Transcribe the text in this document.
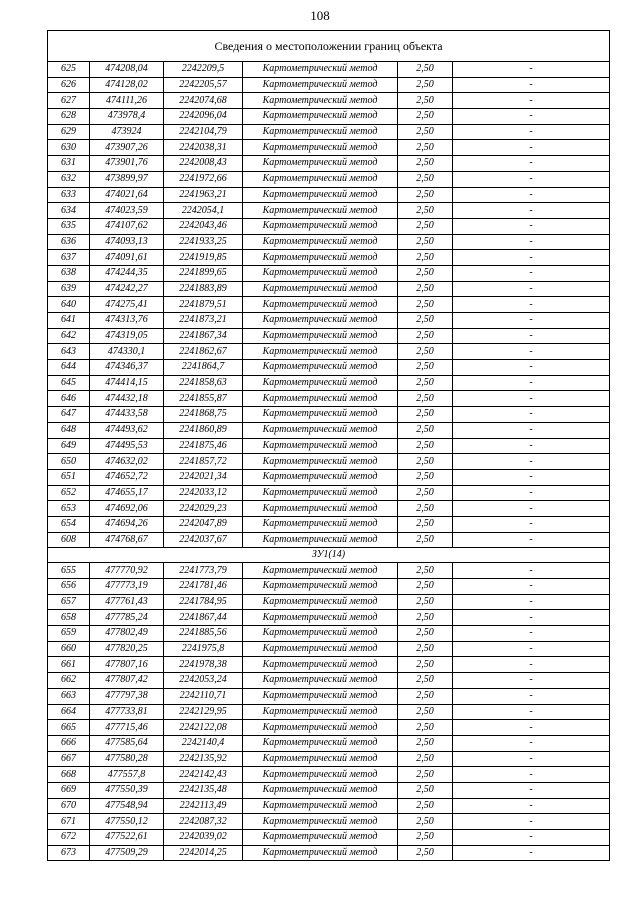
108
Сведения о местоположении границ объекта					
625	474208,04	2242209,5	Картометрический метод	2,50	-
626	474128,02	2242205,57	Картометрический метод	2,50	-
627	474111,26	2242074,68	Картометрический метод	2,50	-
628	473978,4	2242096,04	Картометрический метод	2,50	-
629	473924	2242104,79	Картометрический метод	2,50	-
630	473907,26	2242038,31	Картометрический метод	2,50	-
631	473901,76	2242008,43	Картометрический метод	2,50	-
632	473899,97	2241972,66	Картометрический метод	2,50	-
633	474021,64	2241963,21	Картометрический метод	2,50	-
634	474023,59	2242054,1	Картометрический метод	2,50	-
635	474107,62	2242043,46	Картометрический метод	2,50	-
636	474093,13	2241933,25	Картометрический метод	2,50	-
637	474091,61	2241919,85	Картометрический метод	2,50	-
638	474244,35	2241899,65	Картометрический метод	2,50	-
639	474242,27	2241883,89	Картометрический метод	2,50	-
640	474275,41	2241879,51	Картометрический метод	2,50	-
641	474313,76	2241873,21	Картометрический метод	2,50	-
642	474319,05	2241867,34	Картометрический метод	2,50	-
643	474330,1	2241862,67	Картометрический метод	2,50	-
644	474346,37	2241864,7	Картометрический метод	2,50	-
645	474414,15	2241858,63	Картометрический метод	2,50	-
646	474432,18	2241855,87	Картометрический метод	2,50	-
647	474433,58	2241868,75	Картометрический метод	2,50	-
648	474493,62	2241860,89	Картометрический метод	2,50	-
649	474495,53	2241875,46	Картометрический метод	2,50	-
650	474632,02	2241857,72	Картометрический метод	2,50	-
651	474652,72	2242021,34	Картометрический метод	2,50	-
652	474655,17	2242033,12	Картометрический метод	2,50	-
653	474692,06	2242029,23	Картометрический метод	2,50	-
654	474694,26	2242047,89	Картометрический метод	2,50	-
608	474768,67	2242037,67	Картометрический метод	2,50	-
ЗУ1(14)					
655	477770,92	2241773,79	Картометрический метод	2,50	-
656	477773,19	2241781,46	Картометрический метод	2,50	-
657	477761,43	2241784,95	Картометрический метод	2,50	-
658	477785,24	2241867,44	Картометрический метод	2,50	-
659	477802,49	2241885,56	Картометрический метод	2,50	-
660	477820,25	2241975,8	Картометрический метод	2,50	-
661	477807,16	2241978,38	Картометрический метод	2,50	-
662	477807,42	2242053,24	Картометрический метод	2,50	-
663	477797,38	2242110,71	Картометрический метод	2,50	-
664	477733,81	2242129,95	Картометрический метод	2,50	-
665	477715,46	2242122,08	Картометрический метод	2,50	-
666	477585,64	2242140,4	Картометрический метод	2,50	-
667	477580,28	2242135,92	Картометрический метод	2,50	-
668	477557,8	2242142,43	Картометрический метод	2,50	-
669	477550,39	2242135,48	Картометрический метод	2,50	-
670	477548,94	2242113,49	Картометрический метод	2,50	-
671	477550,12	2242087,32	Картометрический метод	2,50	-
672	477522,61	2242039,02	Картометрический метод	2,50	-
673	477509,29	2242014,25	Картометрический метод	2,50	-
